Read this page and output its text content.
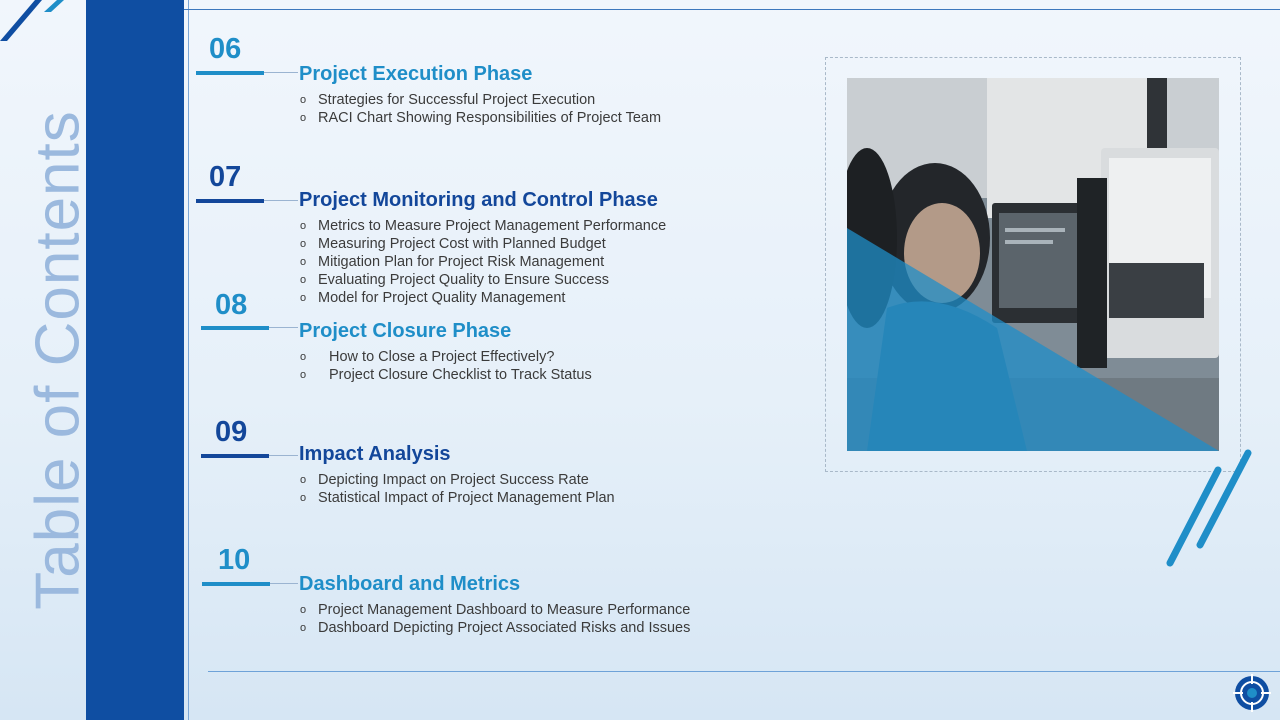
Table of Contents
06
Project Execution Phase
o Strategies for Successful Project Execution
o RACI Chart Showing Responsibilities of Project Team
07
Project Monitoring and Control Phase
o Metrics to Measure Project Management Performance
o Measuring Project Cost with Planned Budget
o Mitigation Plan for Project Risk Management
o Evaluating Project Quality to Ensure Success
o Model for Project Quality Management
08
Project Closure Phase
o How to Close a Project Effectively?
o Project Closure Checklist to Track Status
09
Impact Analysis
o Depicting Impact on Project Success Rate
o Statistical Impact of Project Management Plan
10
Dashboard and Metrics
o Project Management Dashboard to Measure Performance
o Dashboard Depicting Project Associated Risks and Issues
